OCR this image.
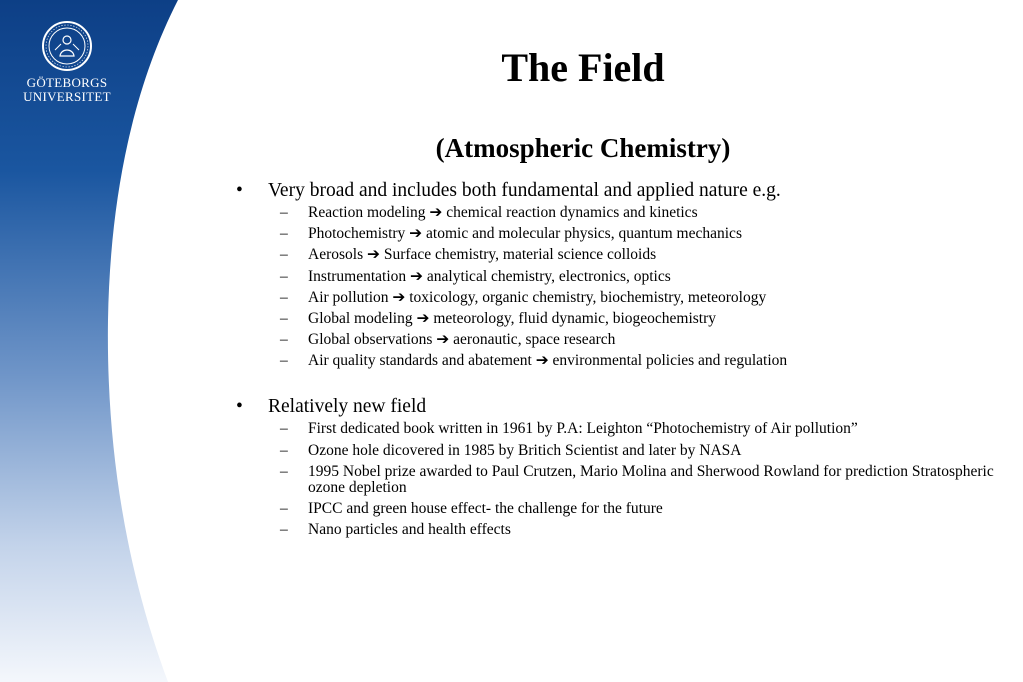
GÖTEBORGS
UNIVERSITET
The Field
(Atmospheric Chemistry)
•	Very broad and includes both fundamental and applied nature e.g.
–	Reaction modeling ➔ chemical reaction dynamics and kinetics
–	Photochemistry ➔ atomic and molecular physics, quantum mechanics
–	Aerosols ➔ Surface chemistry, material science colloids
–	Instrumentation ➔ analytical chemistry, electronics, optics
–	Air pollution ➔ toxicology, organic chemistry, biochemistry, meteorology
–	Global modeling ➔ meteorology, fluid dynamic, biogeochemistry
–	Global observations ➔ aeronautic, space research
–	Air quality standards and abatement ➔ environmental policies and regulation
•	Relatively new field
–	First dedicated book written in 1961 by P.A: Leighton “Photochemistry of Air pollution”
–	Ozone hole dicovered in 1985 by Britich Scientist and later by NASA
–	1995 Nobel prize awarded to Paul Crutzen, Mario Molina and Sherwood Rowland for prediction Stratospheric ozone depletion
–	IPCC and green house effect- the challenge for the future
–	Nano particles and health effects
